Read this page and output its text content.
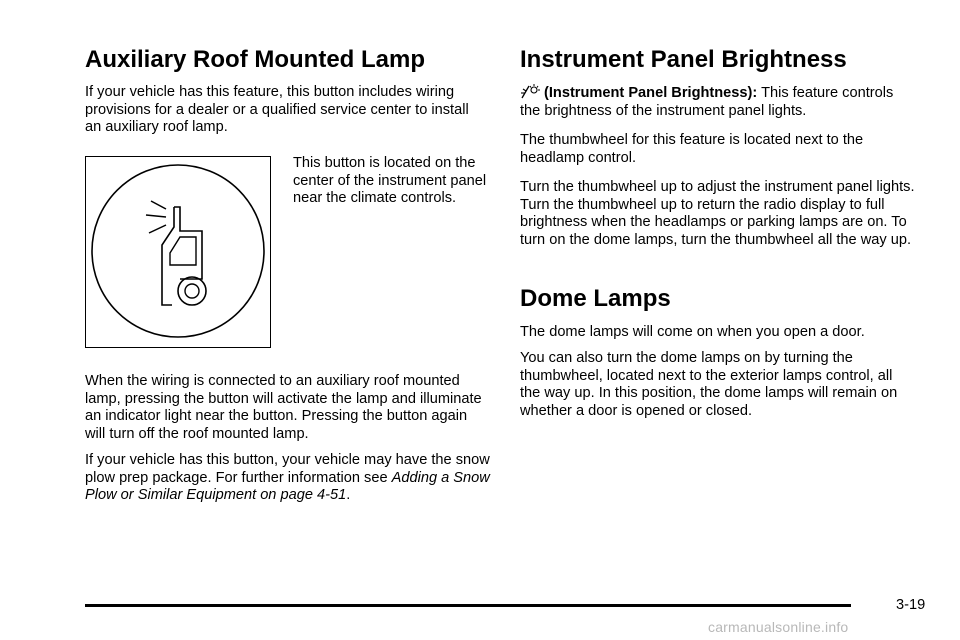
Auxiliary Roof Mounted Lamp

If your vehicle has this feature, this button includes wiring provisions for a dealer or a qualified service center to install an auxiliary roof lamp.

This button is located on the center of the instrument panel near the climate controls.

When the wiring is connected to an auxiliary roof mounted lamp, pressing the button will activate the lamp and illuminate an indicator light near the button. Pressing the button again will turn off the roof mounted lamp.

If your vehicle has this button, your vehicle may have the snow plow prep package. For further information see Adding a Snow Plow or Similar Equipment on page 4-51.

Instrument Panel Brightness

(Instrument Panel Brightness): This feature controls the brightness of the instrument panel lights.

The thumbwheel for this feature is located next to the headlamp control.

Turn the thumbwheel up to adjust the instrument panel lights. Turn the thumbwheel up to return the radio display to full brightness when the headlamps or parking lamps are on. To turn on the dome lamps, turn the thumbwheel all the way up.

Dome Lamps

The dome lamps will come on when you open a door.

You can also turn the dome lamps on by turning the thumbwheel, located next to the exterior lamps control, all the way up. In this position, the dome lamps will remain on whether a door is opened or closed.

3-19
carmanualsonline.info
